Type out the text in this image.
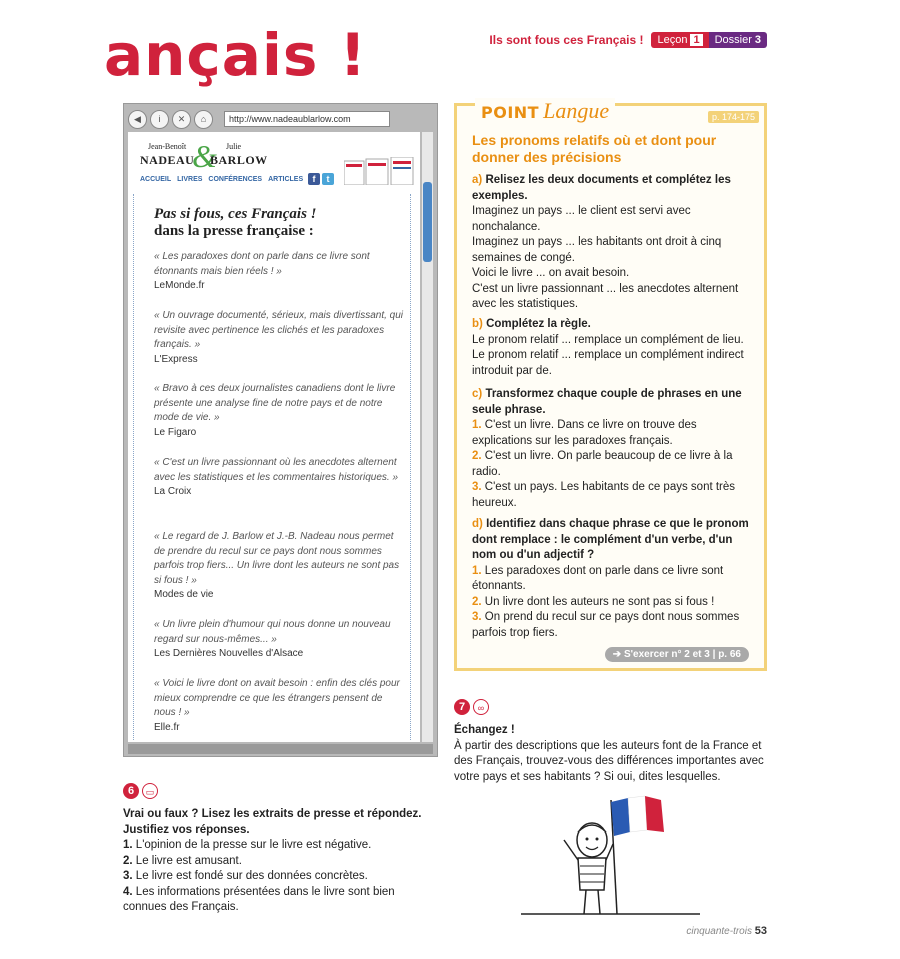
ançais !	Ils sont fous ces Français !	Leçon 1	Dossier 3
◀	i	✕	⌂	http://www.nadeaublarlow.com
Jean-Benoît
NADEAU
& Julie
BARLOW
ACCUEIL LIVRES CONFÉRENCES ARTICLES	f	t
Pas si fous, ces Français !
dans la presse française :
« Les paradoxes dont on parle dans ce livre sont étonnants mais bien réels ! »
LeMonde.fr
« Un ouvrage documenté, sérieux, mais divertissant, qui revisite avec pertinence les clichés et les paradoxes français. »
L'Express
« Bravo à ces deux journalistes canadiens dont le livre présente une analyse fine de notre pays et de notre mode de vie. »
Le Figaro
« C'est un livre passionnant où les anecdotes alternent avec les statistiques et les commentaires historiques. »
La Croix
« Le regard de J. Barlow et J.-B. Nadeau nous permet de prendre du recul sur ce pays dont nous sommes parfois trop fiers... Un livre dont les auteurs ne sont pas si fous ! »
Modes de vie
« Un livre plein d'humour qui nous donne un nouveau regard sur nous-mêmes... »
Les Dernières Nouvelles d'Alsace
« Voici le livre dont on avait besoin : enfin des clés pour mieux comprendre ce que les étrangers pensent de nous ! »
Elle.fr
POINT Langue	p. 174-175
Les pronoms relatifs où et dont pour donner des précisions
a) Relisez les deux documents et complétez les exemples.
Imaginez un pays ... le client est servi avec nonchalance.
Imaginez un pays ... les habitants ont droit à cinq semaines de congé.
Voici le livre ... on avait besoin.
C'est un livre passionnant ... les anecdotes alternent avec les statistiques.
b) Complétez la règle.
Le pronom relatif ... remplace un complément de lieu.
Le pronom relatif ... remplace un complément indirect introduit par de.
c) Transformez chaque couple de phrases en une seule phrase.
1. C'est un livre. Dans ce livre on trouve des explications sur les paradoxes français.
2. C'est un livre. On parle beaucoup de ce livre à la radio.
3. C'est un pays. Les habitants de ce pays sont très heureux.
d) Identifiez dans chaque phrase ce que le pronom dont remplace : le complément d'un verbe, d'un nom ou d'un adjectif ?
1. Les paradoxes dont on parle dans ce livre sont étonnants.
2. Un livre dont les auteurs ne sont pas si fous !
3. On prend du recul sur ce pays dont nous sommes parfois trop fiers.
➔ S'exercer n° 2 et 3 | p. 66
7	∞
Échangez !
À partir des descriptions que les auteurs font de la France et des Français, trouvez-vous des différences importantes avec votre pays et ses habitants ? Si oui, dites lesquelles.
6	▭
Vrai ou faux ? Lisez les extraits de presse et répondez. Justifiez vos réponses.
1. L'opinion de la presse sur le livre est négative.
2. Le livre est amusant.
3. Le livre est fondé sur des données concrètes.
4. Les informations présentées dans le livre sont bien connues des Français.
cinquante-trois 53
